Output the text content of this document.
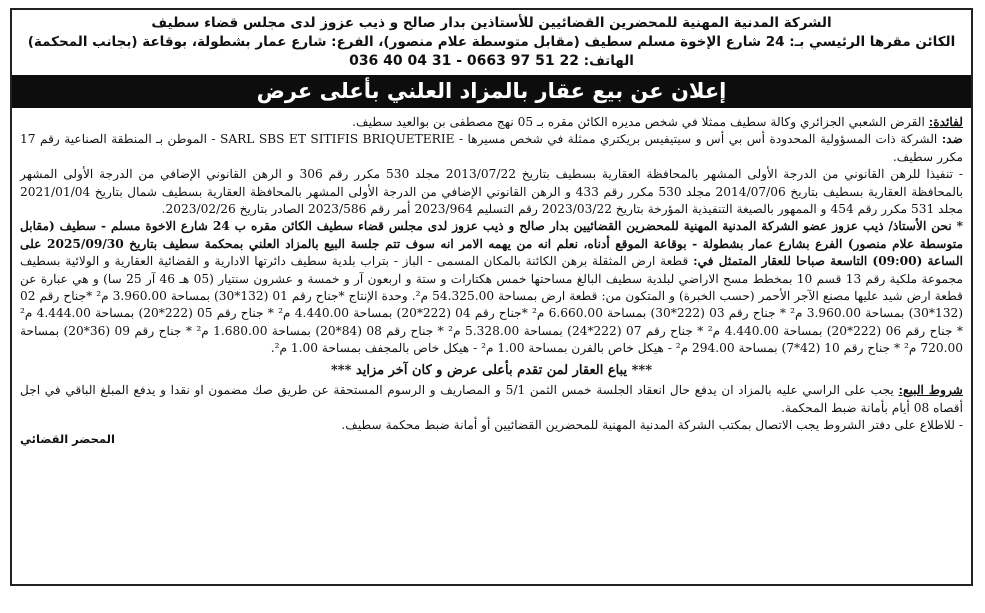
الشركة المدنية المهنية للمحضرين القضائيين للأستاذين بدار صالح و ذيب عزوز لدى مجلس قضاء سطيف
الكائن مقرها الرئيسي بـ: 24 شارع الإخوة مسلم سطيف (مقابل متوسطة علام منصور)، الفرع: شارع عمار بشطولة، بوقاعة (بجانب المحكمة)
الهاتف: 036 40 04 31 - 0663 97 51 22
إعلان عن بيع عقار بالمزاد العلني بأعلى عرض

لفائدة: القرض الشعبي الجزائري وكالة سطيف ممثلا في شخص مديره الكائن مقره بـ 05 نهج مصطفى بن بوالعيد سطيف.

ضد: الشركة ذات المسؤولية المحدودة أس بي أس و سيتيفيس بريكتري ممثلة في شخص مسيرها - SARL SBS ET SITIFIS BRIQUETERIE - الموطن بـ المنطقة الصناعية رقم 17 مكرر سطيف.

- تنفيذا للرهن القانوني من الدرجة الأولى المشهر بالمحافظة العقارية بسطيف بتاريخ 2013/07/22 مجلد 530 مكرر رقم 306 و الرهن القانوني الإضافي من الدرجة الأولى المشهر بالمحافظة العقارية بسطيف بتاريخ 2014/07/06 مجلد 530 مكرر رقم 433 و الرهن القانوني الإضافي من الدرجة الأولى المشهر بالمحافظة العقارية بسطيف شمال بتاريخ 2021/01/04 مجلد 531 مكرر رقم 454 و الممهور بالصيغة التنفيذية المؤرخة بتاريخ 2023/03/22 رقم التسليم 2023/964 أمر رقم 2023/586 الصادر بتاريخ 2023/02/26.

* نحن الأستاذ/ ذيب عزوز عضو الشركة المدنية المهنية للمحضرين القضائيين بدار صالح و ذيب عزوز لدى مجلس قضاء سطيف الكائن مقره ب 24 شارع الاخوة مسلم - سطيف (مقابل متوسطة علام منصور) الفرع بشارع عمار بشطولة - بوقاعة الموقع أدناه، نعلم انه من يهمه الامر انه سوف تتم جلسة البيع بالمزاد العلني بمحكمة سطيف بتاريخ 2025/09/30 على الساعة (09:00) التاسعة صباحا للعقار المتمثل في: قطعة ارض المثقلة برهن الكائنة بالمكان المسمى - الباز - بتراب بلدية سطيف دائرتها الادارية و القضائية العقارية و الولائية بسطيف مجموعة ملكية رقم 13 قسم 10 بمخطط مسح الاراضي لبلدية سطيف البالغ مساحتها خمس هكتارات و ستة و اربعون آر و خمسة و عشرون سنتيار (05 هـ 46 آر 25 سا) و هي عبارة عن قطعة ارض شيد عليها مصنع الآجر الأحمر (حسب الخبرة) و المتكون من: قطعة ارض بمساحة 54.325.00 م². وحدة الإنتاج *جناح رقم 01 (132*30) بمساحة 3.960.00 م² *جناح رقم 02 (132*30) بمساحة 3.960.00 م² * جناح رقم 03 (222*30) بمساحة 6.660.00 م² *جناح رقم 04 (222*20) بمساحة 4.440.00 م² * جناح رقم 05 (222*20) بمساحة 4.444.00 م² * جناح رقم 06 (222*20) بمساحة 4.440.00 م² * جناح رقم 07 (222*24) بمساحة 5.328.00 م² * جناح رقم 08 (84*20) بمساحة 1.680.00 م² * جناح رقم 09 (36*20) بمساحة 720.00 م² * جناح رقم 10 (42*7) بمساحة 294.00 م² - هيكل خاص بالفرن بمساحة 1.00 م² - هيكل خاص بالمجفف بمساحة 1.00 م².

*** يباع العقار لمن تقدم بأعلى عرض و كان آخر مزايد ***

شروط البيع: يجب على الراسي عليه بالمزاد ان يدفع حال انعقاد الجلسة خمس الثمن 5/1 و المصاريف و الرسوم المستحقة عن طريق صك مضمون او نقدا و يدفع المبلغ الباقي في اجل أقصاه 08 أيام بأمانة ضبط المحكمة.

- للاطلاع على دفتر الشروط يجب الاتصال بمكتب الشركة المدنية المهنية للمحضرين القضائيين أو أمانة ضبط محكمة سطيف.

المحضر القضائي
